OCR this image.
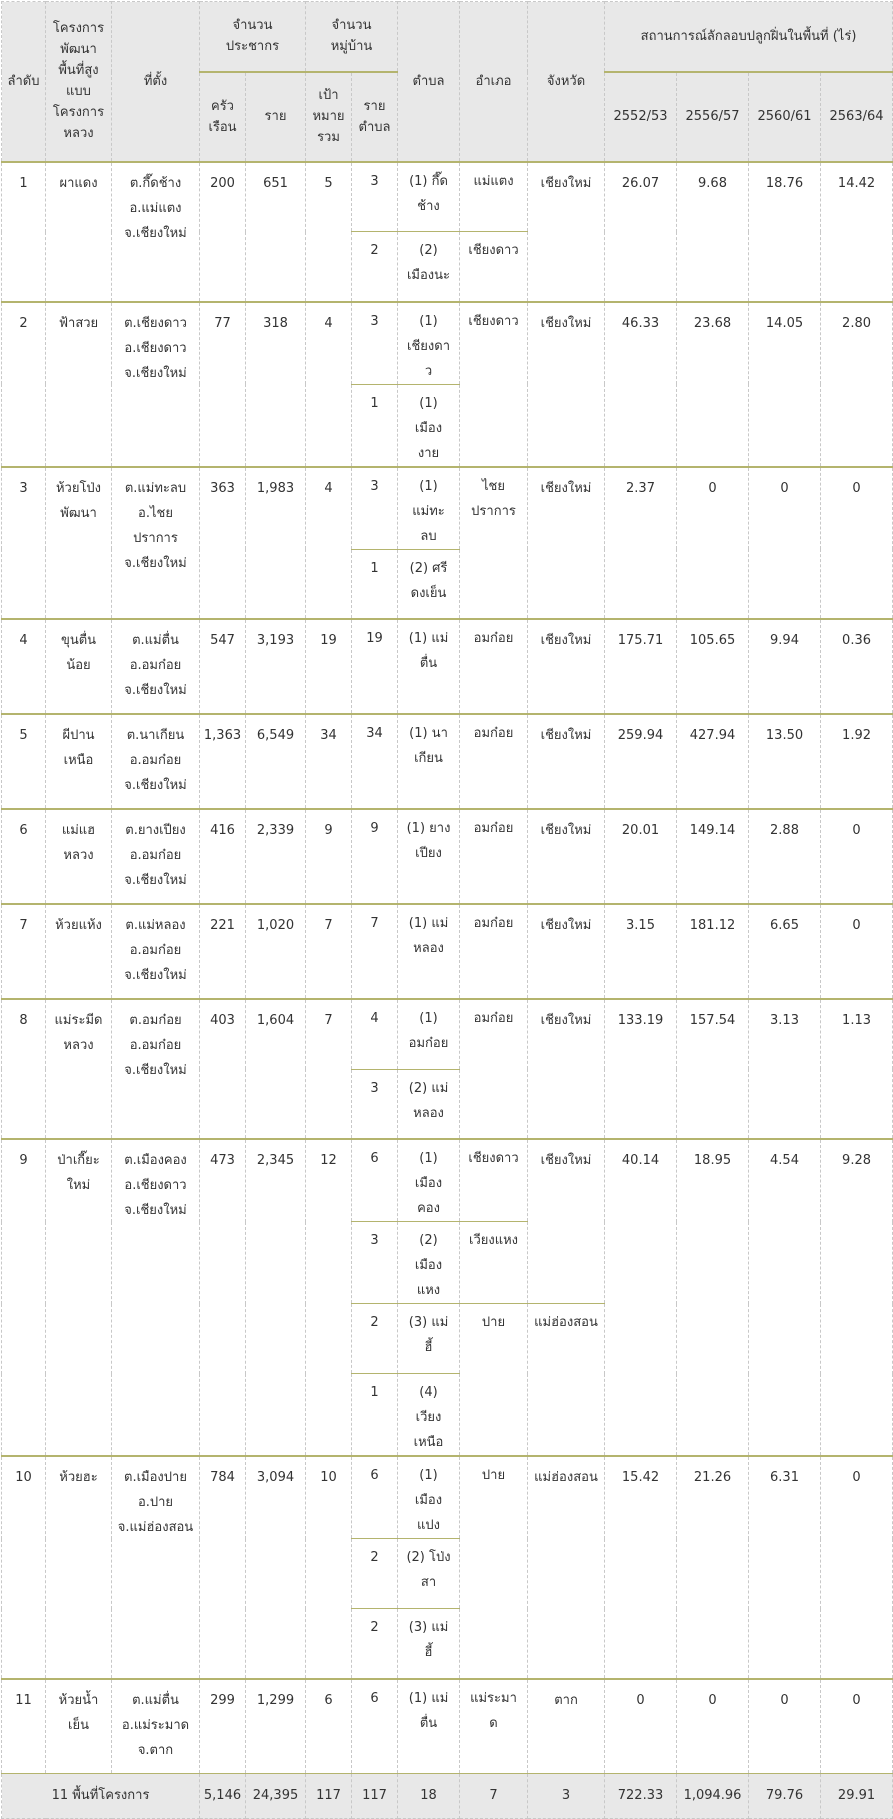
ลำดับ	โครงการพัฒนาพื้นที่สูงแบบโครงการหลวง	ที่ตั้ง	จำนวนประชากร		จำนวนหมู่บ้าน		ตำบล	อำเภอ	จังหวัด	สถานการณ์ลักลอบปลูกฝิ่นในพื้นที่ (ไร่)			
			ครัวเรือน	ราย	เป้าหมายรวม	รายตำบล				2552/53	2556/57	2560/61	2563/64
1	ผาแดง	ต.กึ๊ดช้าง อ.แม่แตง จ.เชียงใหม่	200	651	5	3	(1) กึ๊ดช้าง	แม่แตง	เชียงใหม่	26.07	9.68	18.76	14.42
						2	(2) เมืองนะ	เชียงดาว					
2	ฟ้าสวย	ต.เชียงดาว อ.เชียงดาว จ.เชียงใหม่	77	318	4	3	(1) เชียงดาว	เชียงดาว	เชียงใหม่	46.33	23.68	14.05	2.80
						1	(1) เมืองงาย						
3	ห้วยโป่งพัฒนา	ต.แม่ทะลบ อ.ไชยปราการ จ.เชียงใหม่	363	1,983	4	3	(1) แม่ทะลบ	ไชยปราการ	เชียงใหม่	2.37	0	0	0
						1	(2) ศรีดงเย็น						
4	ขุนตื่นน้อย	ต.แม่ตื่น อ.อมก๋อย จ.เชียงใหม่	547	3,193	19	19	(1) แม่ตื่น	อมก๋อย	เชียงใหม่	175.71	105.65	9.94	0.36
5	ผีปานเหนือ	ต.นาเกียน อ.อมก๋อย จ.เชียงใหม่	1,363	6,549	34	34	(1) นาเกียน	อมก๋อย	เชียงใหม่	259.94	427.94	13.50	1.92
6	แม่แฮหลวง	ต.ยางเปียง อ.อมก๋อย จ.เชียงใหม่	416	2,339	9	9	(1) ยางเปียง	อมก๋อย	เชียงใหม่	20.01	149.14	2.88	0
7	ห้วยแห้ง	ต.แม่หลอง อ.อมก๋อย จ.เชียงใหม่	221	1,020	7	7	(1) แม่หลอง	อมก๋อย	เชียงใหม่	3.15	181.12	6.65	0
8	แม่ระมีดหลวง	ต.อมก๋อย อ.อมก๋อย จ.เชียงใหม่	403	1,604	7	4	(1) อมก๋อย	อมก๋อย	เชียงใหม่	133.19	157.54	3.13	1.13
						3	(2) แม่หลอง						
9	ป่าเกี๊ยะใหม่	ต.เมืองคอง อ.เชียงดาว จ.เชียงใหม่	473	2,345	12	6	(1) เมืองคอง	เชียงดาว	เชียงใหม่	40.14	18.95	4.54	9.28
						3	(2) เมืองแหง	เวียงแหง					
						2	(3) แม่ฮี้	ปาย	แม่ฮ่องสอน				
						1	(4) เวียงเหนือ						
10	ห้วยฮะ	ต.เมืองปาย อ.ปาย จ.แม่ฮ่องสอน	784	3,094	10	6	(1) เมืองแปง	ปาย	แม่ฮ่องสอน	15.42	21.26	6.31	0
						2	(2) โป่งสา						
						2	(3) แม่ฮี้						
11	ห้วยน้ำเย็น	ต.แม่ตื่น อ.แม่ระมาด จ.ตาก	299	1,299	6	6	(1) แม่ตื่น	แม่ระมาด	ตาก	0	0	0	0
11 พื้นที่โครงการ			5,146	24,395	117	117	18	7	3	722.33	1,094.96	79.76	29.91
